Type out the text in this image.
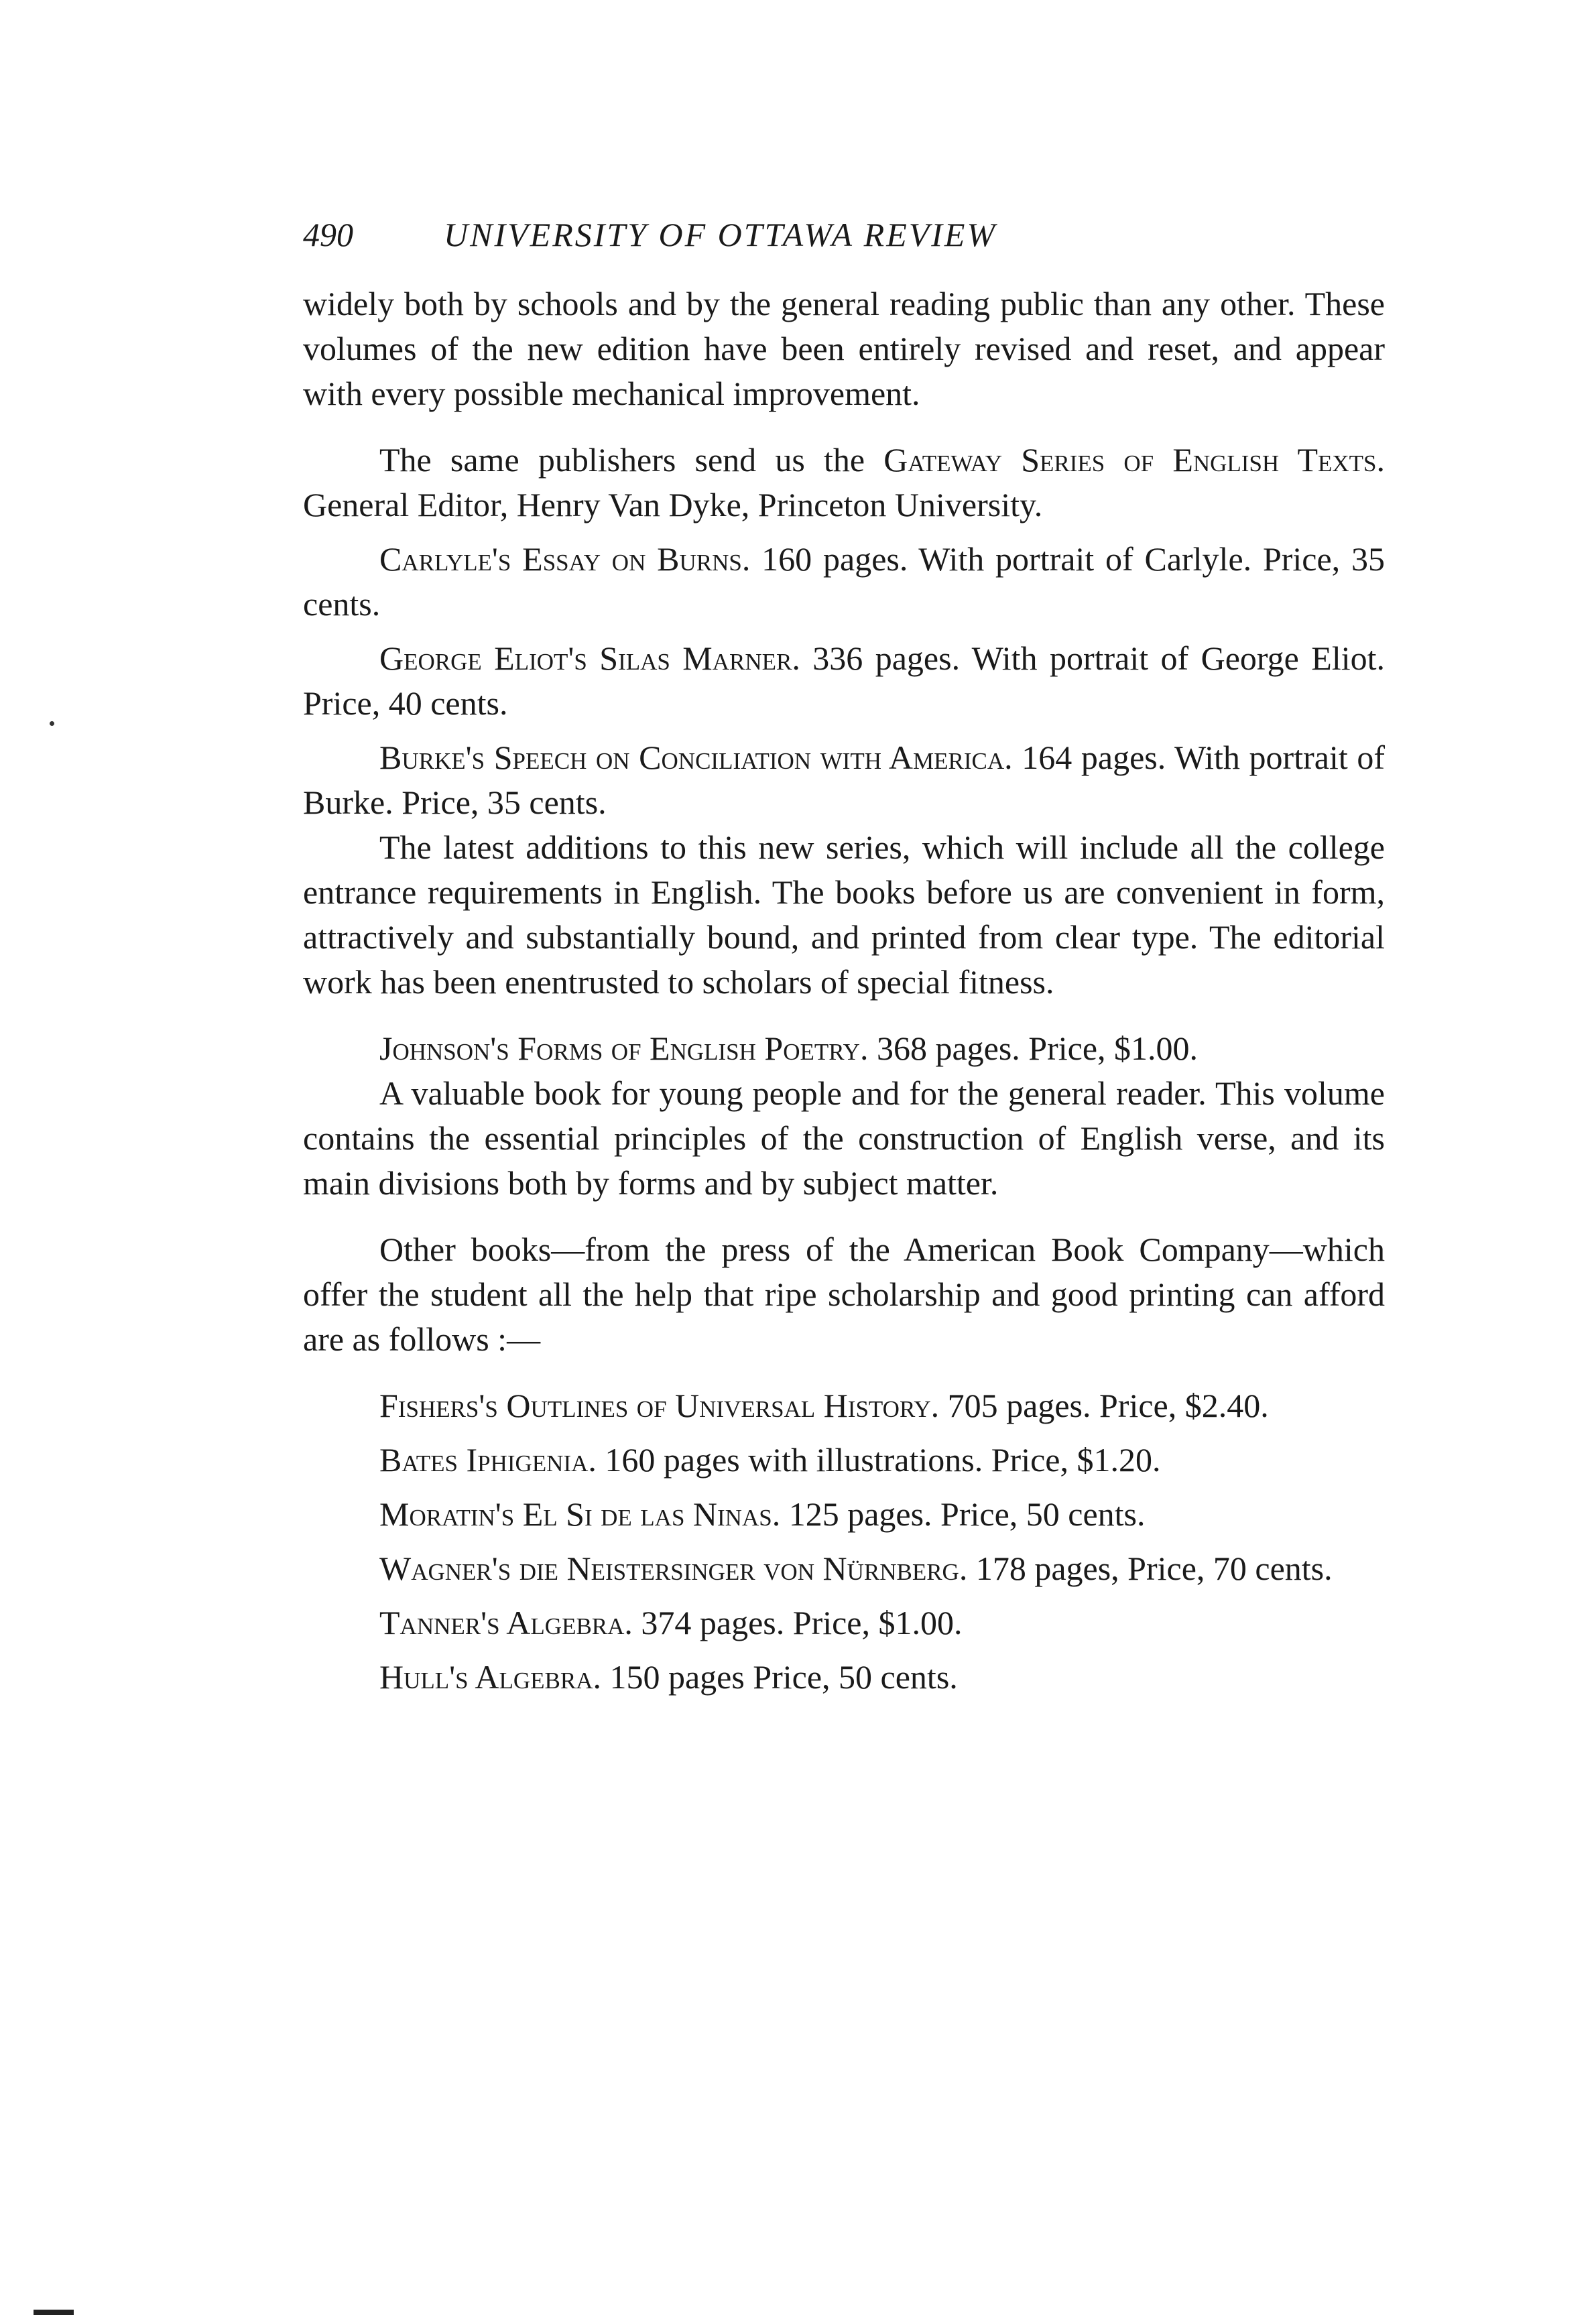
490	UNIVERSITY OF OTTAWA REVIEW

widely both by schools and by the general reading public than any other. These volumes of the new edition have been entirely revised and reset, and appear with every possible mechanical improvement.

The same publishers send us the Gateway Series of English Texts. General Editor, Henry Van Dyke, Princeton University.

Carlyle's Essay on Burns. 160 pages. With portrait of Carlyle. Price, 35 cents.

George Eliot's Silas Marner. 336 pages. With portrait of George Eliot. Price, 40 cents.

Burke's Speech on Conciliation with America. 164 pages. With portrait of Burke. Price, 35 cents.

The latest additions to this new series, which will include all the college entrance requirements in English. The books before us are convenient in form, attractively and substantially bound, and printed from clear type. The editorial work has been enentrusted to scholars of special fitness.

Johnson's Forms of English Poetry. 368 pages. Price, $1.00.

A valuable book for young people and for the general reader. This volume contains the essential principles of the construction of English verse, and its main divisions both by forms and by subject matter.

Other books—from the press of the American Book Company—which offer the student all the help that ripe scholarship and good printing can afford are as follows :—

Fishers's Outlines of Universal History. 705 pages. Price, $2.40.

Bates Iphigenia. 160 pages with illustrations. Price, $1.20.

Moratin's El Si de las Ninas. 125 pages. Price, 50 cents.

Wagner's die Neistersinger von Nürnberg. 178 pages, Price, 70 cents.

Tanner's Algebra. 374 pages. Price, $1.00.

Hull's Algebra. 150 pages Price, 50 cents.
